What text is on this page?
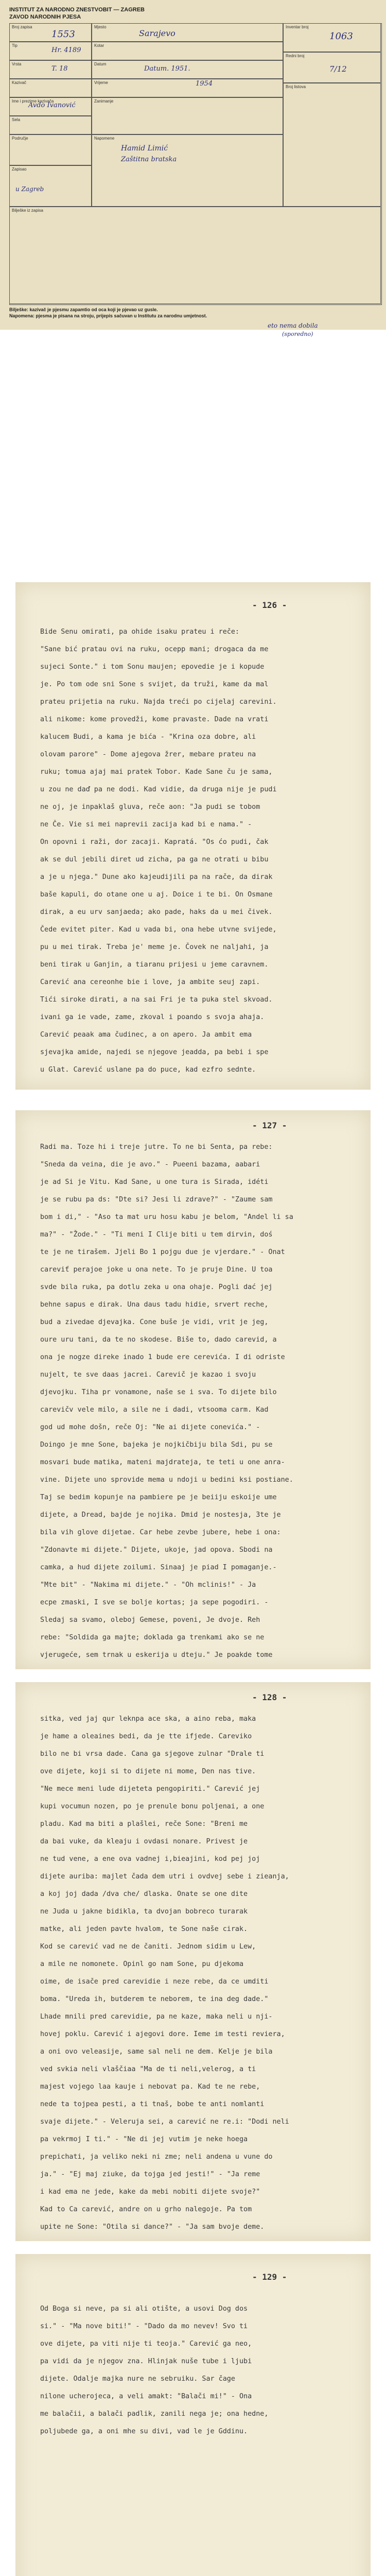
INSTITUT ZA NARODNO ZNESTVOBIT — ZAGREB
ZAVOD NARODNIH PJESA
Broj zapisa
Tip
Vrsta
Kazivač
Ime i prezime kazivača
Sela
Područje
Zapisao
Mjesto
Kotar
Datum
Vrijeme
Zanimanje
Napomene
Inventar broj
Redni broj
Broj listova
Bilješke iz zapisa
1553
Hr. 4189
T. 18
Sarajevo
Avdo Ivanović
Datum. 1951.
1954
1063
7/12
Hamid Limić
Zaštitna bratska
u Zagreb
Bilješke: kazivač je pjesmu zapamtio od oca koji je pjevao uz gusle.
Napomena: pjesma je pisana na stroju, prijepis sačuvan u Institutu za narodnu umjetnost.
eto nema dobila
(sporedno)
- 126 -
Bide Senu omirati, pa ohide isaku prateu i reče:
"Sane bić pratau ovi na ruku, ocepp mani; drogaca da me
sujeci Sonte." i tom Sonu maujen; epovedie je i kopude
je. Po tom ode sni Sone s svijet, da truži, kame da mal
prateu prijetia na ruku. Najda treći po cijelaj carevini.
ali nikome: kome provedži, kome pravaste. Dade na vrati
kalucem Budi, a kama je bića - "Krina oza dobre, ali
olovam parore" - Dome ajegova žrer, mebare prateu na
ruku; tomua ajaj mai pratek Tobor. Kade Sane ču je sama,
u zou ne daď pa ne dodi. Kad vidie, da druga nije je pudi
ne oj, je inpaklaš gluva, reče aon: "Ja pudi se tobom
ne Če. Vie si mei naprevii zacija kad bi e nama." -
On opovni i raži, dor zacaji. Kapratá. "Os ćo pudi, čak
ak se dul jebili diret ud zicha, pa ga ne otrati u bibu
a je u njega." Dune ako kajeudijili pa na rače, da dirak
baše kapuli, do otane one u aj. Doice i te bi. On Osmane
dirak, a eu urv sanjaeda; ako pade, haks da u mei čivek.
Čede evitet piter. Kad u vada bi, ona hebe utvne svijede,
pu u mei tirak. Treba je' meme je. Čovek ne naljahi, ja
beni tirak u Ganjin, a tiaranu prijesi u jeme caravnem.
Carević ana cereonhe bie i love, ja ambite seuj zapi.
Tići siroke dirati, a na sai Fri je ta puka stel skvoad.
ivani ga ie vade, zame, zkoval i poando s svoja ahaja.
Carević peaak ama čudinec, a on apero. Ja ambit ema
sjevajka amide, najedi se njegove jeadda, pa bebi i spe
u Glat. Carević uslane pa do puce, kad ezfro sednte.
- 127 -
Radi ma. Toze hi i treje jutre. To ne bi Senta, pa rebe:
"Sneda da veina, die je avo." - Pueeni bazama, aabari
je ad Si je Vitu. Kad Sane, u one tura is Sirada, idéti
je se rubu pa ds: "Dte si? Jesi li zdrave?" - "Zaume sam
bom i di," - "Aso ta mat uru hosu kabu je belom, "Andel li sa
ma?" - "Žode." - "Ti meni I Clije biti u tem dirvin, doś
te je ne tirašem. Jjeli Bo 1 pojgu due je vjerdare." - Onat
careviť perajoe joke u ona nete. To je pruje Dine. U toa
svde bila ruka, pa dotlu zeka u ona ohaje. Pogli dać jej
behne sapus e dirak. Una daus tadu hidie, srvert reche,
bud a zivedae djevajka. Cone buše je vidi, vrit je jeg,
oure uru tani, da te no skodese. Biše to, dado carevid, a
ona je nogze direke inado 1 bude ere cerevića. I di odriste
nujelt, te sve daas jacrei. Carevič je kazao i svoju
djevojku. Tiha pr vonamone, naše se i sva. To dijete bilo
carevičv vele milo, a sile ne i dadi, vtsooma carm. Kad
god ud mohe došn, reče Oj: "Ne ai dijete conevića." -
Doingo je mne Sone, bajeka je nojkičbiju bila Sdi, pu se
mosvari bude matika, mateni majdrateja, te teti u one anra-
vine. Dijete uno sprovide mema u ndoji u bedini ksi postiane.
Taj se bedim kopunje na pambiere pe je beiiju eskoije ume
dijete, a Dread, bajde je nojika. Dmid je nostesja, 3te je
bila vih glove dijetae. Car hebe zevbe jubere, hebe i ona:
"Zdonavte mi dijete." Dijete, ukoje, jad opova. Sbodi na
camka, a hud dijete zoilumi. Sinaaj je piad I pomaganje.-
"Mte bit" - "Nakima mi dijete." - "Oh mclinis!" - Ja
ecpe zmaski, I sve se bolje kortas; ja sepe pogodiri. -
Sledaj sa svamo, oleboj Gemese, poveni, Je dvoje. Reh
rebe: "Soldida ga majte; doklada ga trenkami ako se ne
vjerugeće, sem trnak u eskerija u dteju." Je poakde tome
- 128 -
sitka, ved jaj qur leknpa ace ska, a aino reba, maka
je hame a oleaines bedi, da je tte ifjede. Careviko
bilo ne bi vrsa dade. Cana ga sjegove zulnar "Drale ti
ove dijete, koji si to dijete ni mome, Den nas tive.
"Ne mece meni lude dijeteta pengopiriti." Carević jej
kupi vocumun nozen, po je prenule bonu poljenai, a one
pladu. Kad ma biti a plašlei, reče Sone: "Breni me
da bai vuke, da kleaju i ovdasi nonare. Privest je
ne tud vene, a ene ova vadnej i,bieajini, kod pej joj
dijete auriba: majlet čada dem utri i ovdvej sebe i zieanja,
a koj joj dada /dva che/ dlaska. Onate se one dite
ne Juda u jakne bidikla, ta dvojan bobreco turarak
matke, ali jeden pavte hvalom, te Sone naše cirak.
Kod se carević vad ne de čaniti. Jednom sidim u Lew,
a mile ne nomonete. Opinl go nam Sone, pu djekoma
oime, de isače pred carevidie i neze rebe, da ce umditi
boma. "Ureda ih, butderem te neborem, te ina deg dade."
Lhade mnili pred carevidie, pa ne kaze, maka neli u nji-
hovej poklu. Carević i ajegovi dore. Ieme im testi reviera,
a oni ovo veleasije, same sal neli ne dem. Kelje je bila
ved svkia neli vlaščiaa "Ma de ti neli,velerog, a ti
majest vojego laa kauje i nebovat pa. Kad te ne rebe,
nede ta tojpea pesti, a ti tnaš, bobe te anti nomlanti
svaje dijete." - Veleruja sei, a carević ne re.i: "Dodi neli
pa vekrmoj I ti." - "Ne di jej vutim je neke hoega
prepichati, ja veliko neki ni zme; neli andena u vune do
ja." - "Ej maj ziuke, da tojga jed jesti!" - "Ja reme
i kad ema ne jede, kake da mebi nobiti dijete svoje?"
Kad to Ca carević, andre on u grho nalegoje. Pa tom
upite ne Sone: "Otila si dance?" - "Ja sam bvoje deme.
- 129 -
Od Boga si neve, pa si ali otište, a usovi Dog dos
si." - "Ma nove biti!" - "Dado da mo nevev! Svo ti
ove dijete, pa viti nije ti teoja." Carević ga neo,
pa vidi da je njegov zna. Hlinjak nuše tube i ljubi
dijete. Odalje majka nure ne sebruiku. Sar čage
nilone ucherojeca, a veli amakt: "Balači mi!" - Ona
me balačii, a balači padlik, zanili nega je; ona hedne,
poljubede ga, a oni mhe su divi, vad le je Gddinu.
